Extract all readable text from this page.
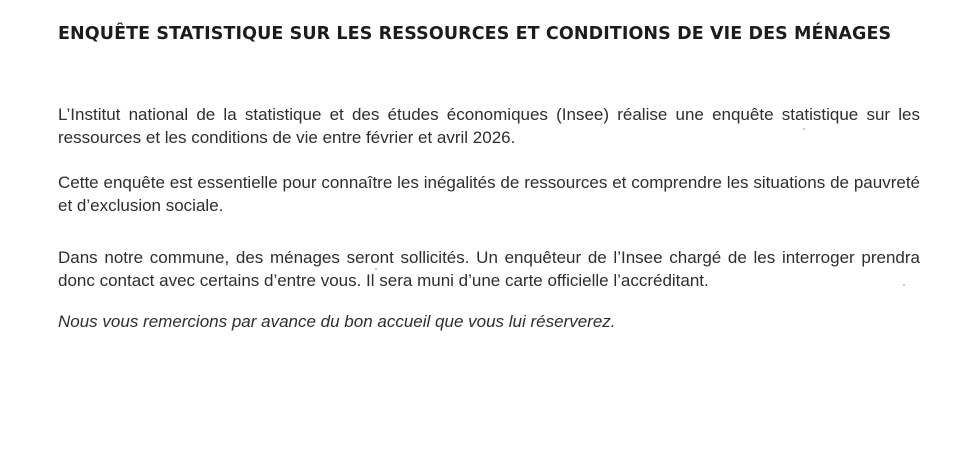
ENQUÊTE STATISTIQUE SUR LES RESSOURCES ET CONDITIONS DE VIE DES MÉNAGES

L’Institut national de la statistique et des études économiques (Insee) réalise une enquête statistique sur les ressources et les conditions de vie entre février et avril 2026.

Cette enquête est essentielle pour connaître les inégalités de ressources et comprendre les situations de pauvreté et d’exclusion sociale.

Dans notre commune, des ménages seront sollicités. Un enquêteur de l’Insee chargé de les interroger prendra donc contact avec certains d’entre vous. Il sera muni d’une carte officielle l’accréditant.

Nous vous remercions par avance du bon accueil que vous lui réserverez.
